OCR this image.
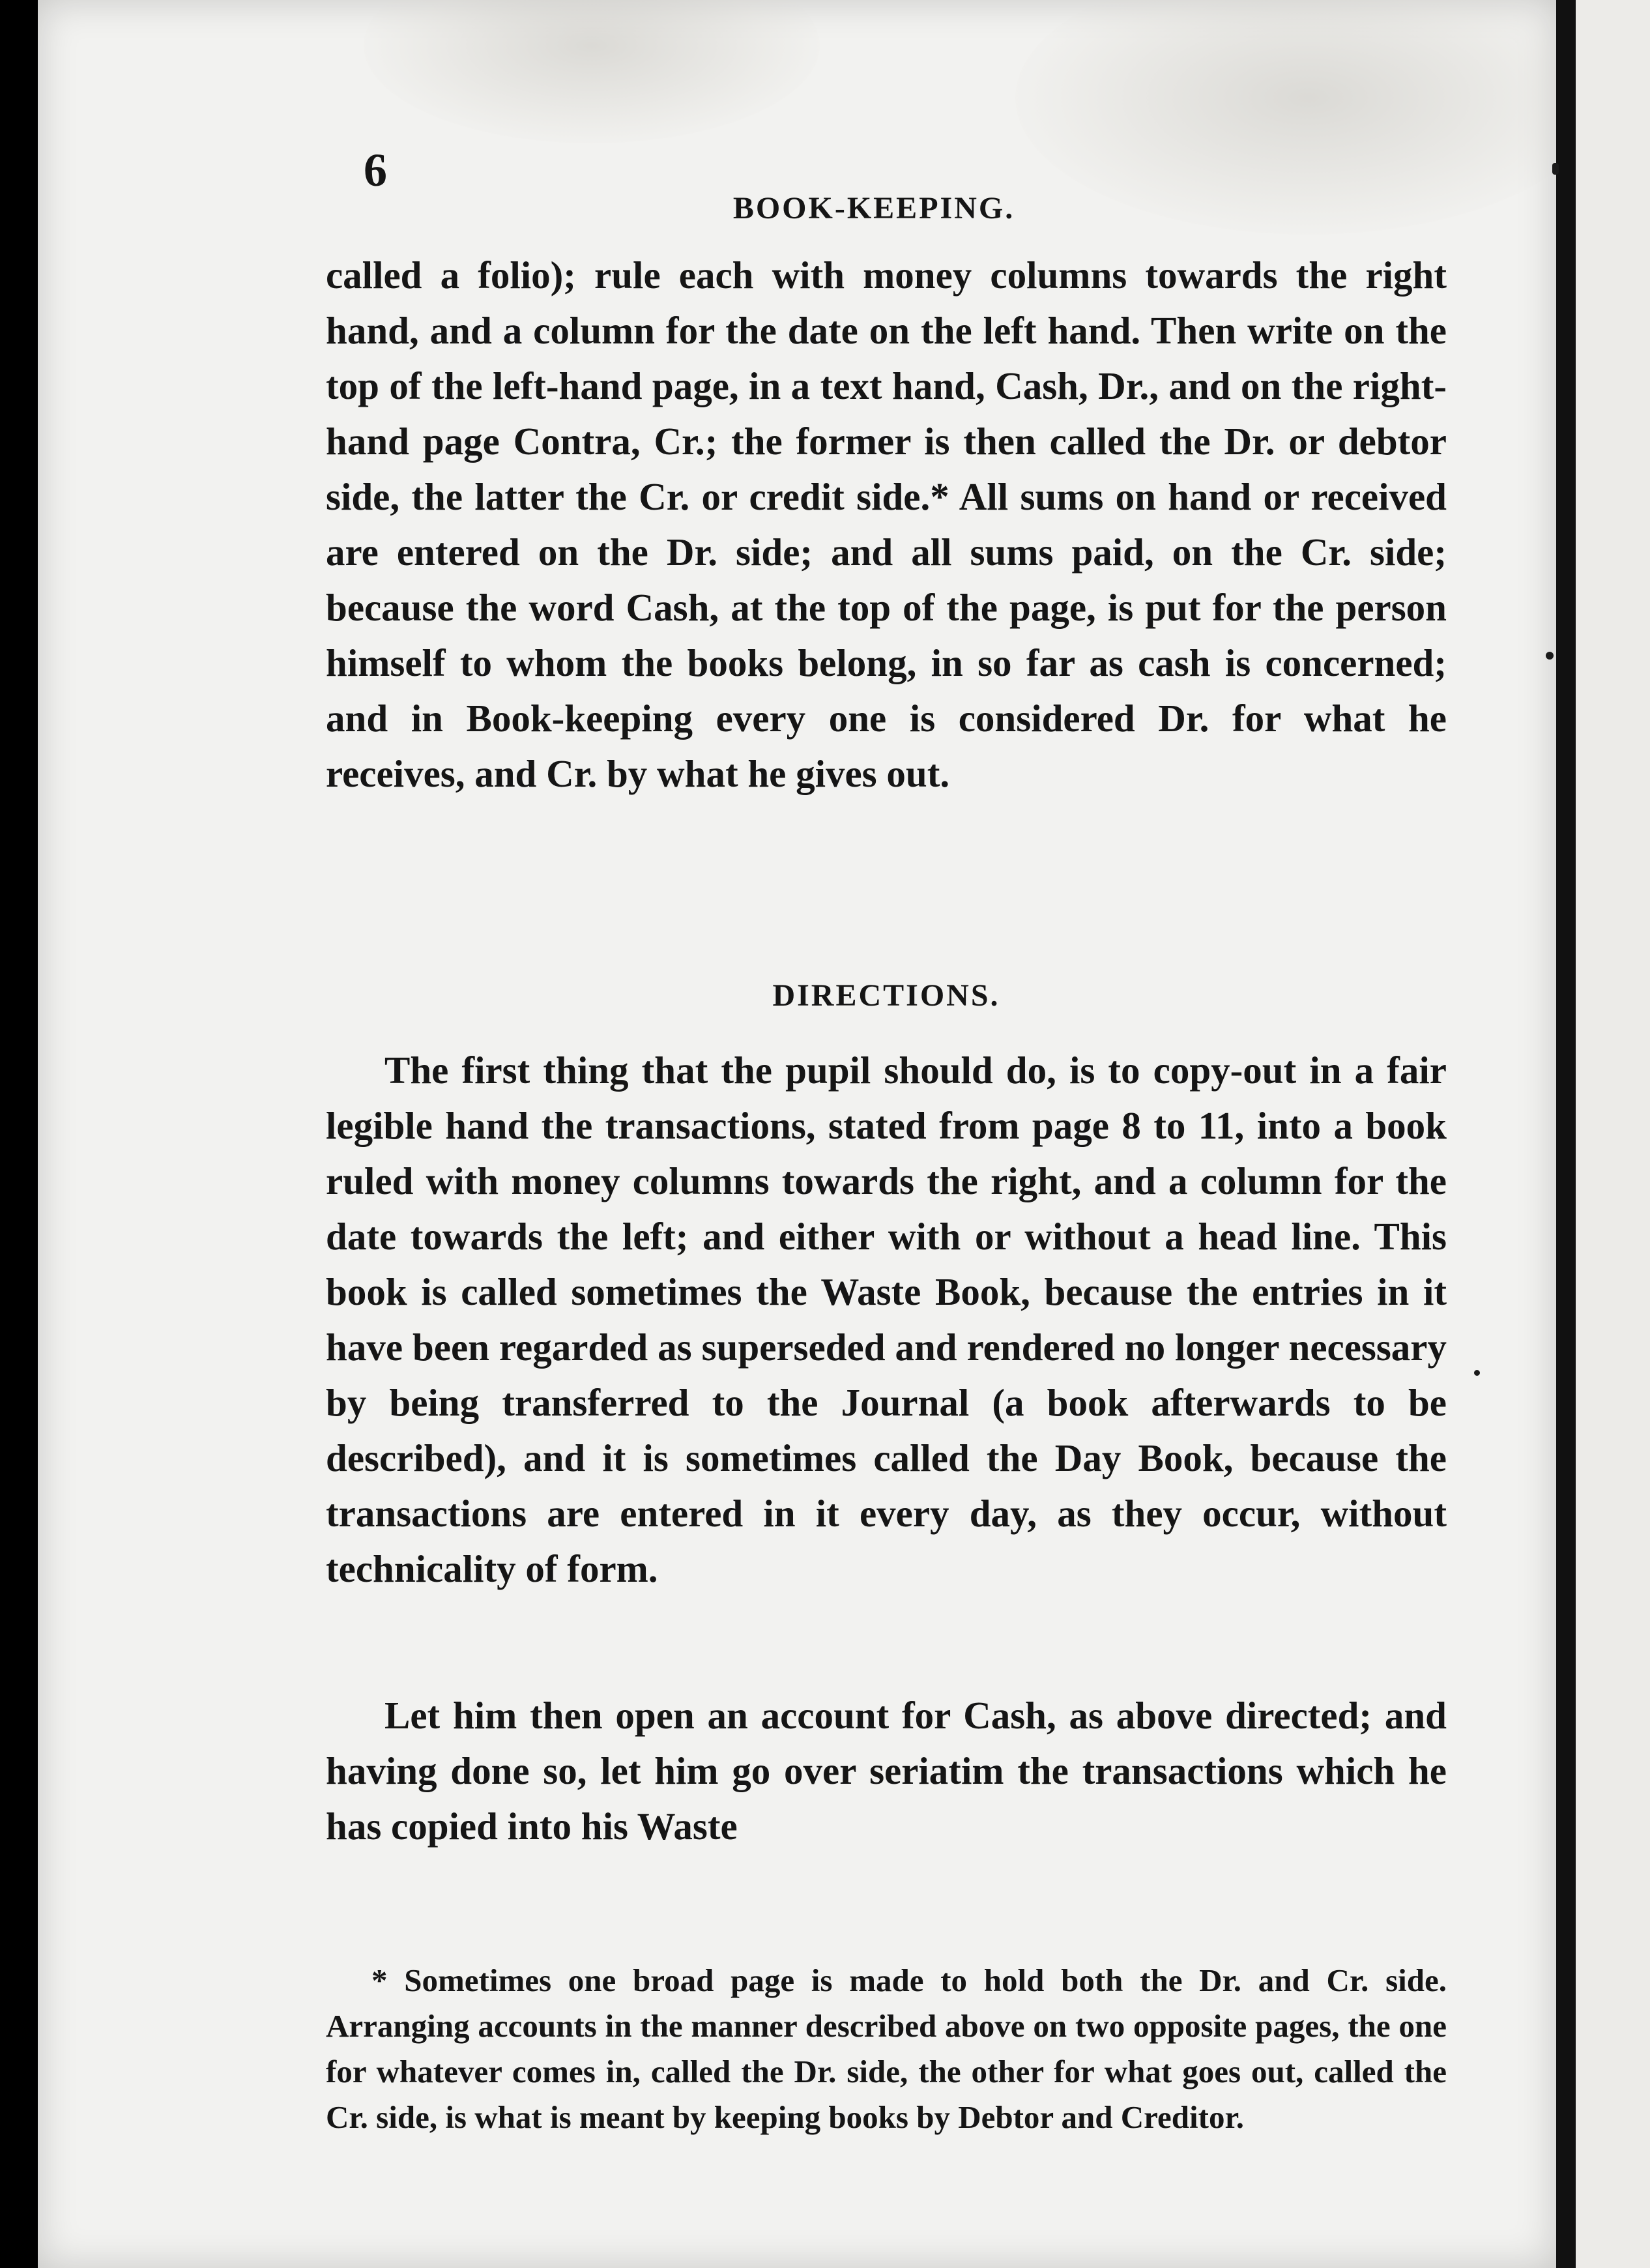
6
BOOK-KEEPING.

called a folio); rule each with money columns towards the right hand, and a column for the date on the left hand. Then write on the top of the left-hand page, in a text hand, Cash, Dr., and on the right-hand page Contra, Cr.; the former is then called the Dr. or debtor side, the latter the Cr. or credit side.* All sums on hand or received are entered on the Dr. side; and all sums paid, on the Cr. side; because the word Cash, at the top of the page, is put for the person himself to whom the books belong, in so far as cash is concerned; and in Book-keeping every one is considered Dr. for what he receives, and Cr. by what he gives out.

DIRECTIONS.

The first thing that the pupil should do, is to copy-out in a fair legible hand the transactions, stated from page 8 to 11, into a book ruled with money columns towards the right, and a column for the date towards the left; and either with or without a head line. This book is called sometimes the Waste Book, because the entries in it have been regarded as superseded and rendered no longer necessary by being transferred to the Journal (a book afterwards to be described), and it is sometimes called the Day Book, because the transactions are entered in it every day, as they occur, without technicality of form.

Let him then open an account for Cash, as above directed; and having done so, let him go over seriatim the transactions which he has copied into his Waste

* Sometimes one broad page is made to hold both the Dr. and Cr. side. Arranging accounts in the manner described above on two opposite pages, the one for whatever comes in, called the Dr. side, the other for what goes out, called the Cr. side, is what is meant by keeping books by Debtor and Creditor.
